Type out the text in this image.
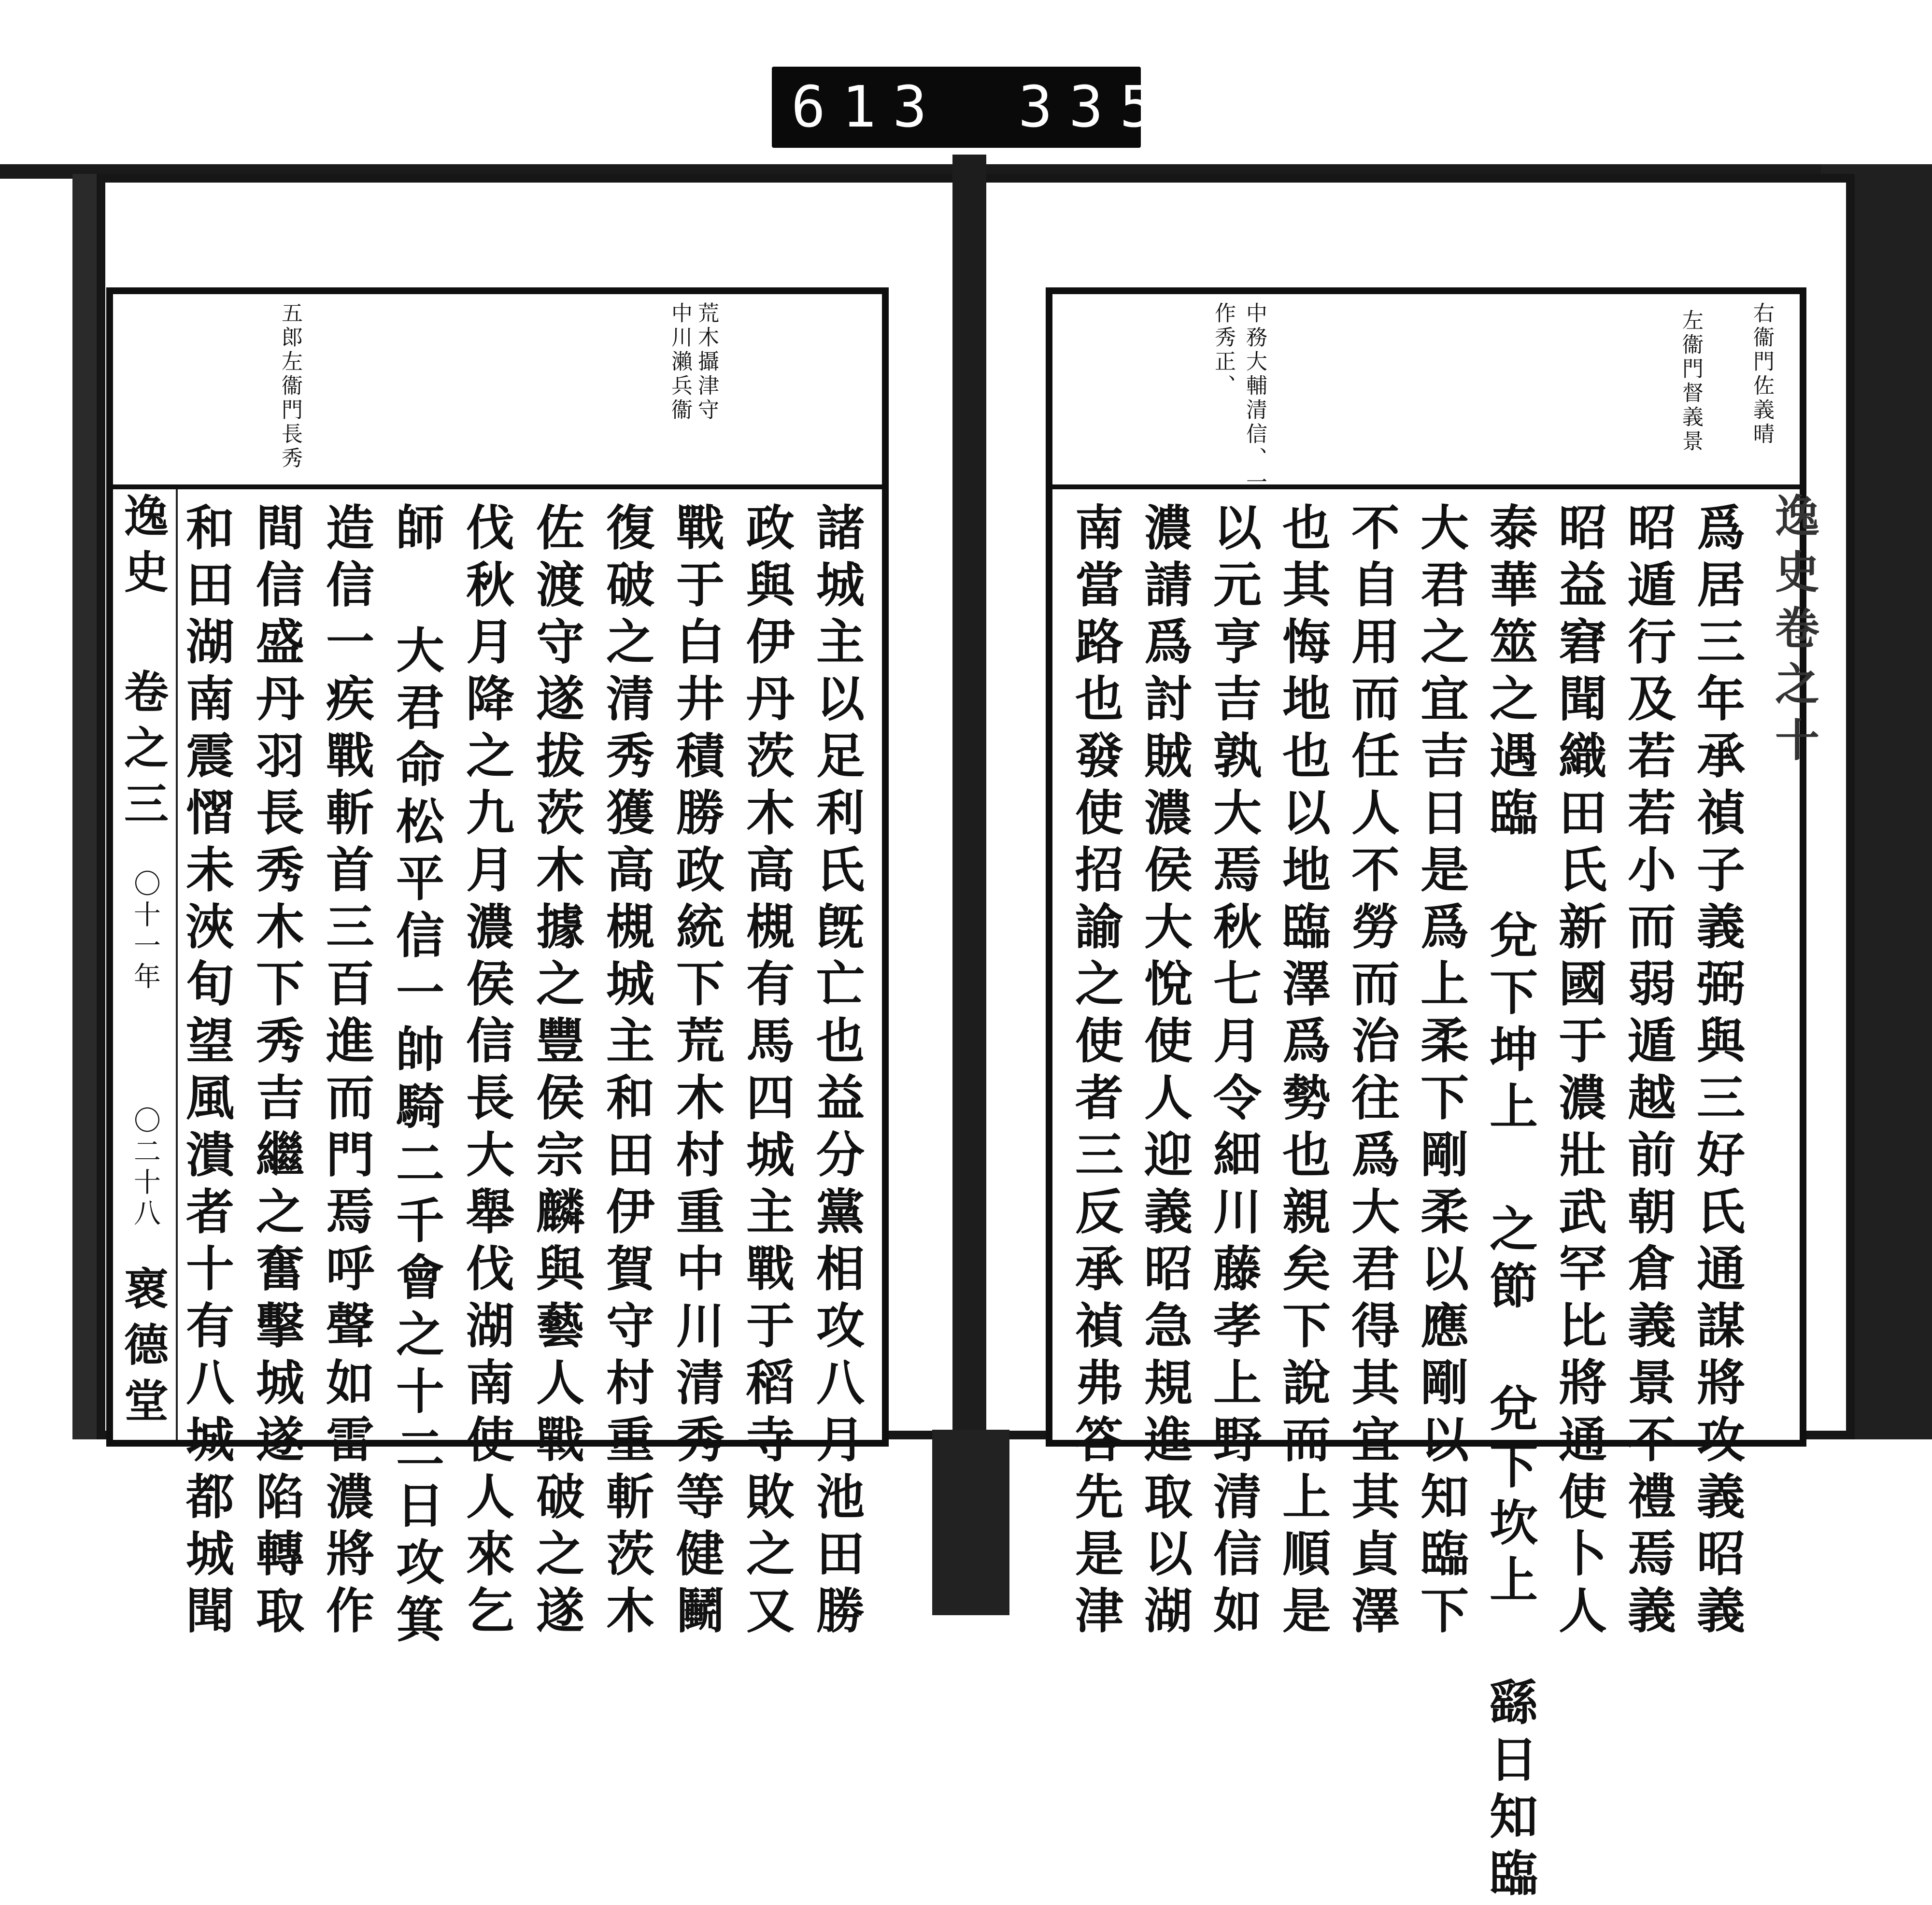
613 335
荒木攝津守
中川瀨兵衞
五郎左衞門長秀
逸史 卷之三
〇十一年
〇二十八
褱德堂	諸城主以足利氏旣亡也益分黨相攻八月池田勝
政與伊丹茨木高槻有馬四城主戰于稻寺敗之又
戰于白井積勝政統下荒木村重中川清秀等健鬭
復破之清秀獲高槻城主和田伊賀守村重斬茨木
佐渡守遂拔茨木據之豐侯宗麟與藝人戰破之遂
伐秋月降之九月濃侯信長大舉伐湖南使人來乞
師 大君命松平信一帥騎二千會之十二日攻箕
造信一疾戰斬首三百進而門焉呼聲如雷濃將作
間信盛丹羽長秀木下秀吉繼之奮擊城遂陷轉取
和田湖南震慴未浹旬望風潰者十有八城都城聞
右衞門佐義晴
左衞門督義景
中務大輔清信、一
作秀正、
逸史卷之十
爲居三年承禎子義弼與三好氏通謀將攻義昭義
昭遁行及若若小而弱遁越前朝倉義景不禮焉義
昭益窘聞織田氏新國于濃壯武罕比將通使卜人
泰華筮之遇臨 兌下坤上 之節 兌下坎上 繇日知臨
大君之宜吉日是爲上柔下剛柔以應剛以知臨下
不自用而任人不勞而治往爲大君得其宜其貞澤
也其悔地也以地臨澤爲勢也親矣下說而上順是
以元亨吉孰大焉秋七月令細川藤孝上野清信如
濃請爲討賊濃侯大悅使人迎義昭急規進取以湖
南當路也發使招諭之使者三反承禎弗答先是津
